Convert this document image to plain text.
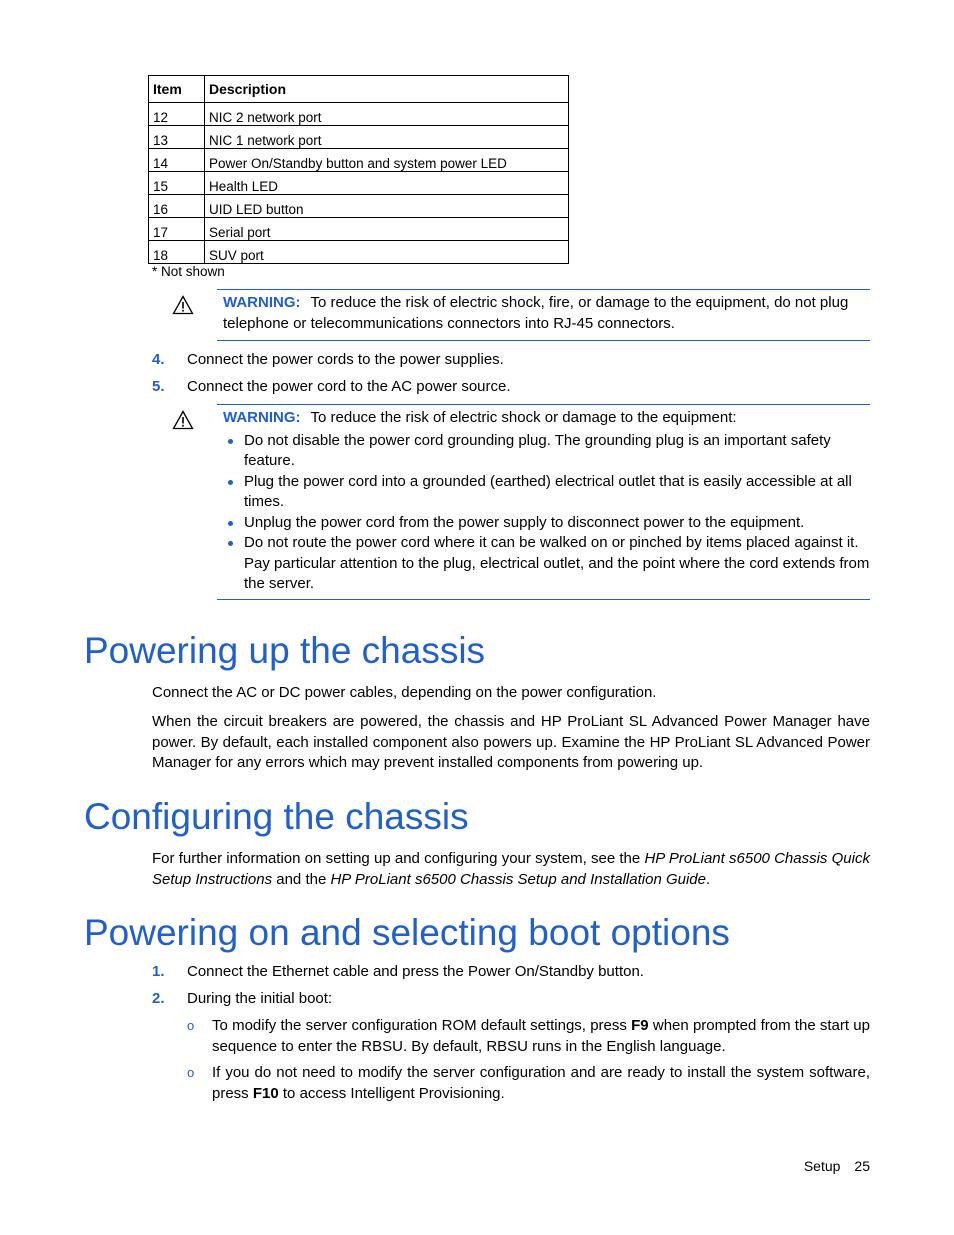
Item	Description
12	NIC 2 network port
13	NIC 1 network port
14	Power On/Standby button and system power LED
15	Health LED
16	UID LED button
17	Serial port
18	SUV port
* Not shown
WARNING: To reduce the risk of electric shock, fire, or damage to the equipment, do not plug telephone or telecommunications connectors into RJ-45 connectors.
4. Connect the power cords to the power supplies.
5. Connect the power cord to the AC power source.
WARNING: To reduce the risk of electric shock or damage to the equipment:
Do not disable the power cord grounding plug. The grounding plug is an important safety feature.
Plug the power cord into a grounded (earthed) electrical outlet that is easily accessible at all times.
Unplug the power cord from the power supply to disconnect power to the equipment.
Do not route the power cord where it can be walked on or pinched by items placed against it. Pay particular attention to the plug, electrical outlet, and the point where the cord extends from the server.
Powering up the chassis

Connect the AC or DC power cables, depending on the power configuration.

When the circuit breakers are powered, the chassis and HP ProLiant SL Advanced Power Manager have power. By default, each installed component also powers up. Examine the HP ProLiant SL Advanced Power Manager for any errors which may prevent installed components from powering up.

Configuring the chassis

For further information on setting up and configuring your system, see the HP ProLiant s6500 Chassis Quick Setup Instructions and the HP ProLiant s6500 Chassis Setup and Installation Guide.

Powering on and selecting boot options
1. Connect the Ethernet cable and press the Power On/Standby button.
2. During the initial boot:
o To modify the server configuration ROM default settings, press F9 when prompted from the start up sequence to enter the RBSU. By default, RBSU runs in the English language.
o If you do not need to modify the server configuration and are ready to install the system software, press F10 to access Intelligent Provisioning.
Setup 25
